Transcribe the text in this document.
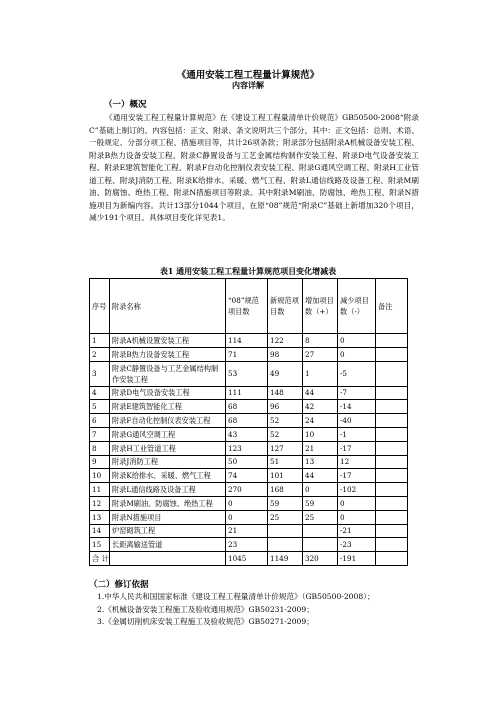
《通用安装工程工程量计算规范》
内容详解
（一）概况
《通用安装工程工程量计算规范》在《建设工程工程量清单计价规范》GB50500-2008“附录C”基础上制订的。内容包括：正文、附录、条文说明共三个部分，其中：正文包括：总则、术语、一般规定、分部分项工程、措施项目等，共计26项条款；附录部分包括附录A机械设备安装工程、附录B热力设备安装工程、附录C静置设备与工艺金属结构制作安装工程、附录D电气设备安装工程、附录E建筑智能化工程、附录F自动化控制仪表安装工程、附录G通风空调工程、附录H工业管道工程、附录J消防工程、附录K给排水、采暖、燃气工程、附录L通信线路及设备工程、附录M刷油、防腐蚀、绝热工程、附录N措施项目等附录。其中附录M刷油、防腐蚀、绝热工程、附录N措施项目为新编内容。共计13部分1044个项目，在原“08”规范“附录C”基础上新增加320个项目，减少191个项目。具体项目变化详见表1。
表1 通用安装工程工程量计算规范项目变化增减表
序号	附录名称	“08”规范项目数	新规范项目数	增加项目数（+）	减少项目数（-）	备注
1	附录A机械设置安装工程	114	122	8	0	
2	附录B热力设备安装工程	71	98	27	0	
3	附录C静置设备与工艺金属结构制作安装工程	53	49	1	-5	
4	附录D电气设备安装工程	111	148	44	-7	
5	附录E建筑智能化工程	68	96	42	-14	
6	附录F自动化控制仪表安装工程	68	52	24	-40	
7	附录G通风空调工程	43	52	10	-1	
8	附录H工业管道工程	123	127	21	-17	
9	附录J消防工程	50	51	13	12	
10	附录K给排水、采暖、燃气工程	74	101	44	-17	
11	附录L通信线路及设备工程	270	168	0	-102	
12	附录M刷油、防腐蚀、绝热工程	0	59	59	0	
13	附录N措施项目	0	25	25	0	
14	炉窑砌筑工程	21			-21	
15	长距离输送管道	23			-23	
合 计		1045	1149	320	-191	
（二）修订依据
1.中华人民共和国国家标准《建设工程工程量清单计价规范》（GB50500-2008）；
2.《机械设备安装工程施工及验收通用规范》GB50231-2009；
3.《金属切削机床安装工程施工及验收规范》GB50271-2009；
